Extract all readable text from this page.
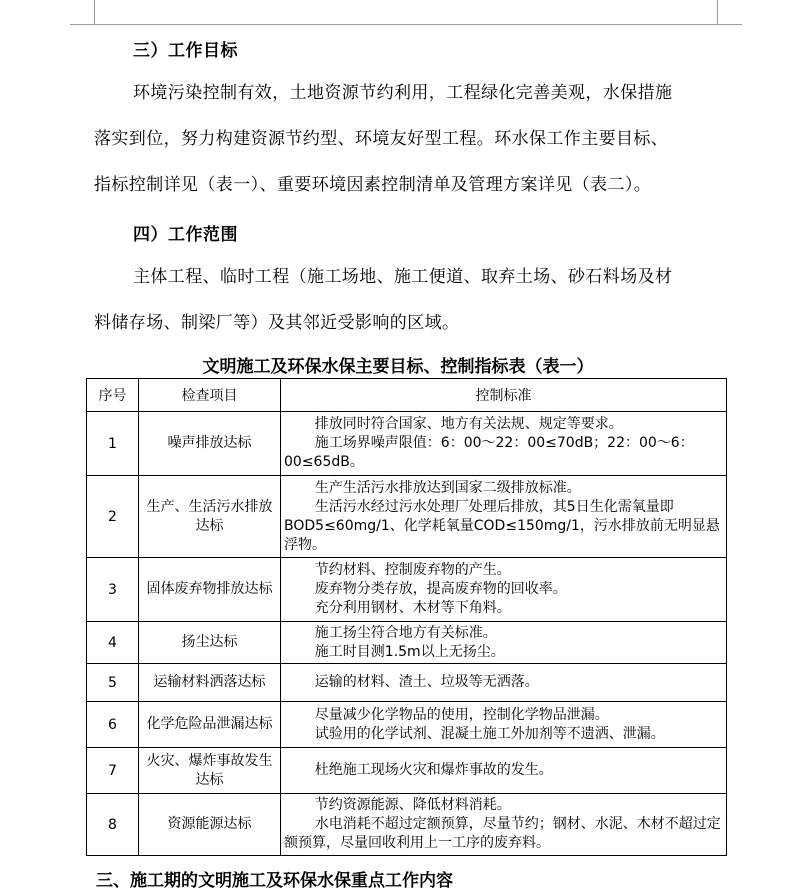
三）工作目标
环境污染控制有效，土地资源节约利用，工程绿化完善美观，水保措施
落实到位，努力构建资源节约型、环境友好型工程。环水保工作主要目标、
指标控制详见（表一）、重要环境因素控制清单及管理方案详见（表二）。
四）工作范围
主体工程、临时工程（施工场地、施工便道、取弃土场、砂石料场及材
料储存场、制梁厂等）及其邻近受影响的区域。
文明施工及环保水保主要目标、控制指标表（表一）
序号	检查项目	控制标准
1	噪声排放达标	排放同时符合国家、地方有关法规、规定等要求。
施工场界噪声限值：6：00～22：00≤70dB；22：00～6：00≤65dB。

2	生产、生活污水排放达标	生产生活污水排放达到国家二级排放标准。
生活污水经过污水处理厂处理后排放，其5日生化需氧量即BOD5≤60mg/1、化学耗氧量COD≤150mg/1，污水排放前无明显悬浮物。

3	固体废弃物排放达标	节约材料、控制废弃物的产生。
废弃物分类存放，提高废弃物的回收率。
充分利用钢材、木材等下角料。

4	扬尘达标	施工扬尘符合地方有关标准。
施工时目测1.5m以上无扬尘。

5	运输材料洒落达标	运输的材料、渣土、垃圾等无洒落。

6	化学危险品泄漏达标	尽量减少化学物品的使用，控制化学物品泄漏。
试验用的化学试剂、混凝土施工外加剂等不遗洒、泄漏。

7	火灾、爆炸事故发生达标	杜绝施工现场火灾和爆炸事故的发生。

8	资源能源达标	节约资源能源、降低材料消耗。
水电消耗不超过定额预算，尽量节约；钢材、水泥、木材不超过定额预算，尽量回收利用上一工序的废弃料。
三、施工期的文明施工及环保水保重点工作内容
